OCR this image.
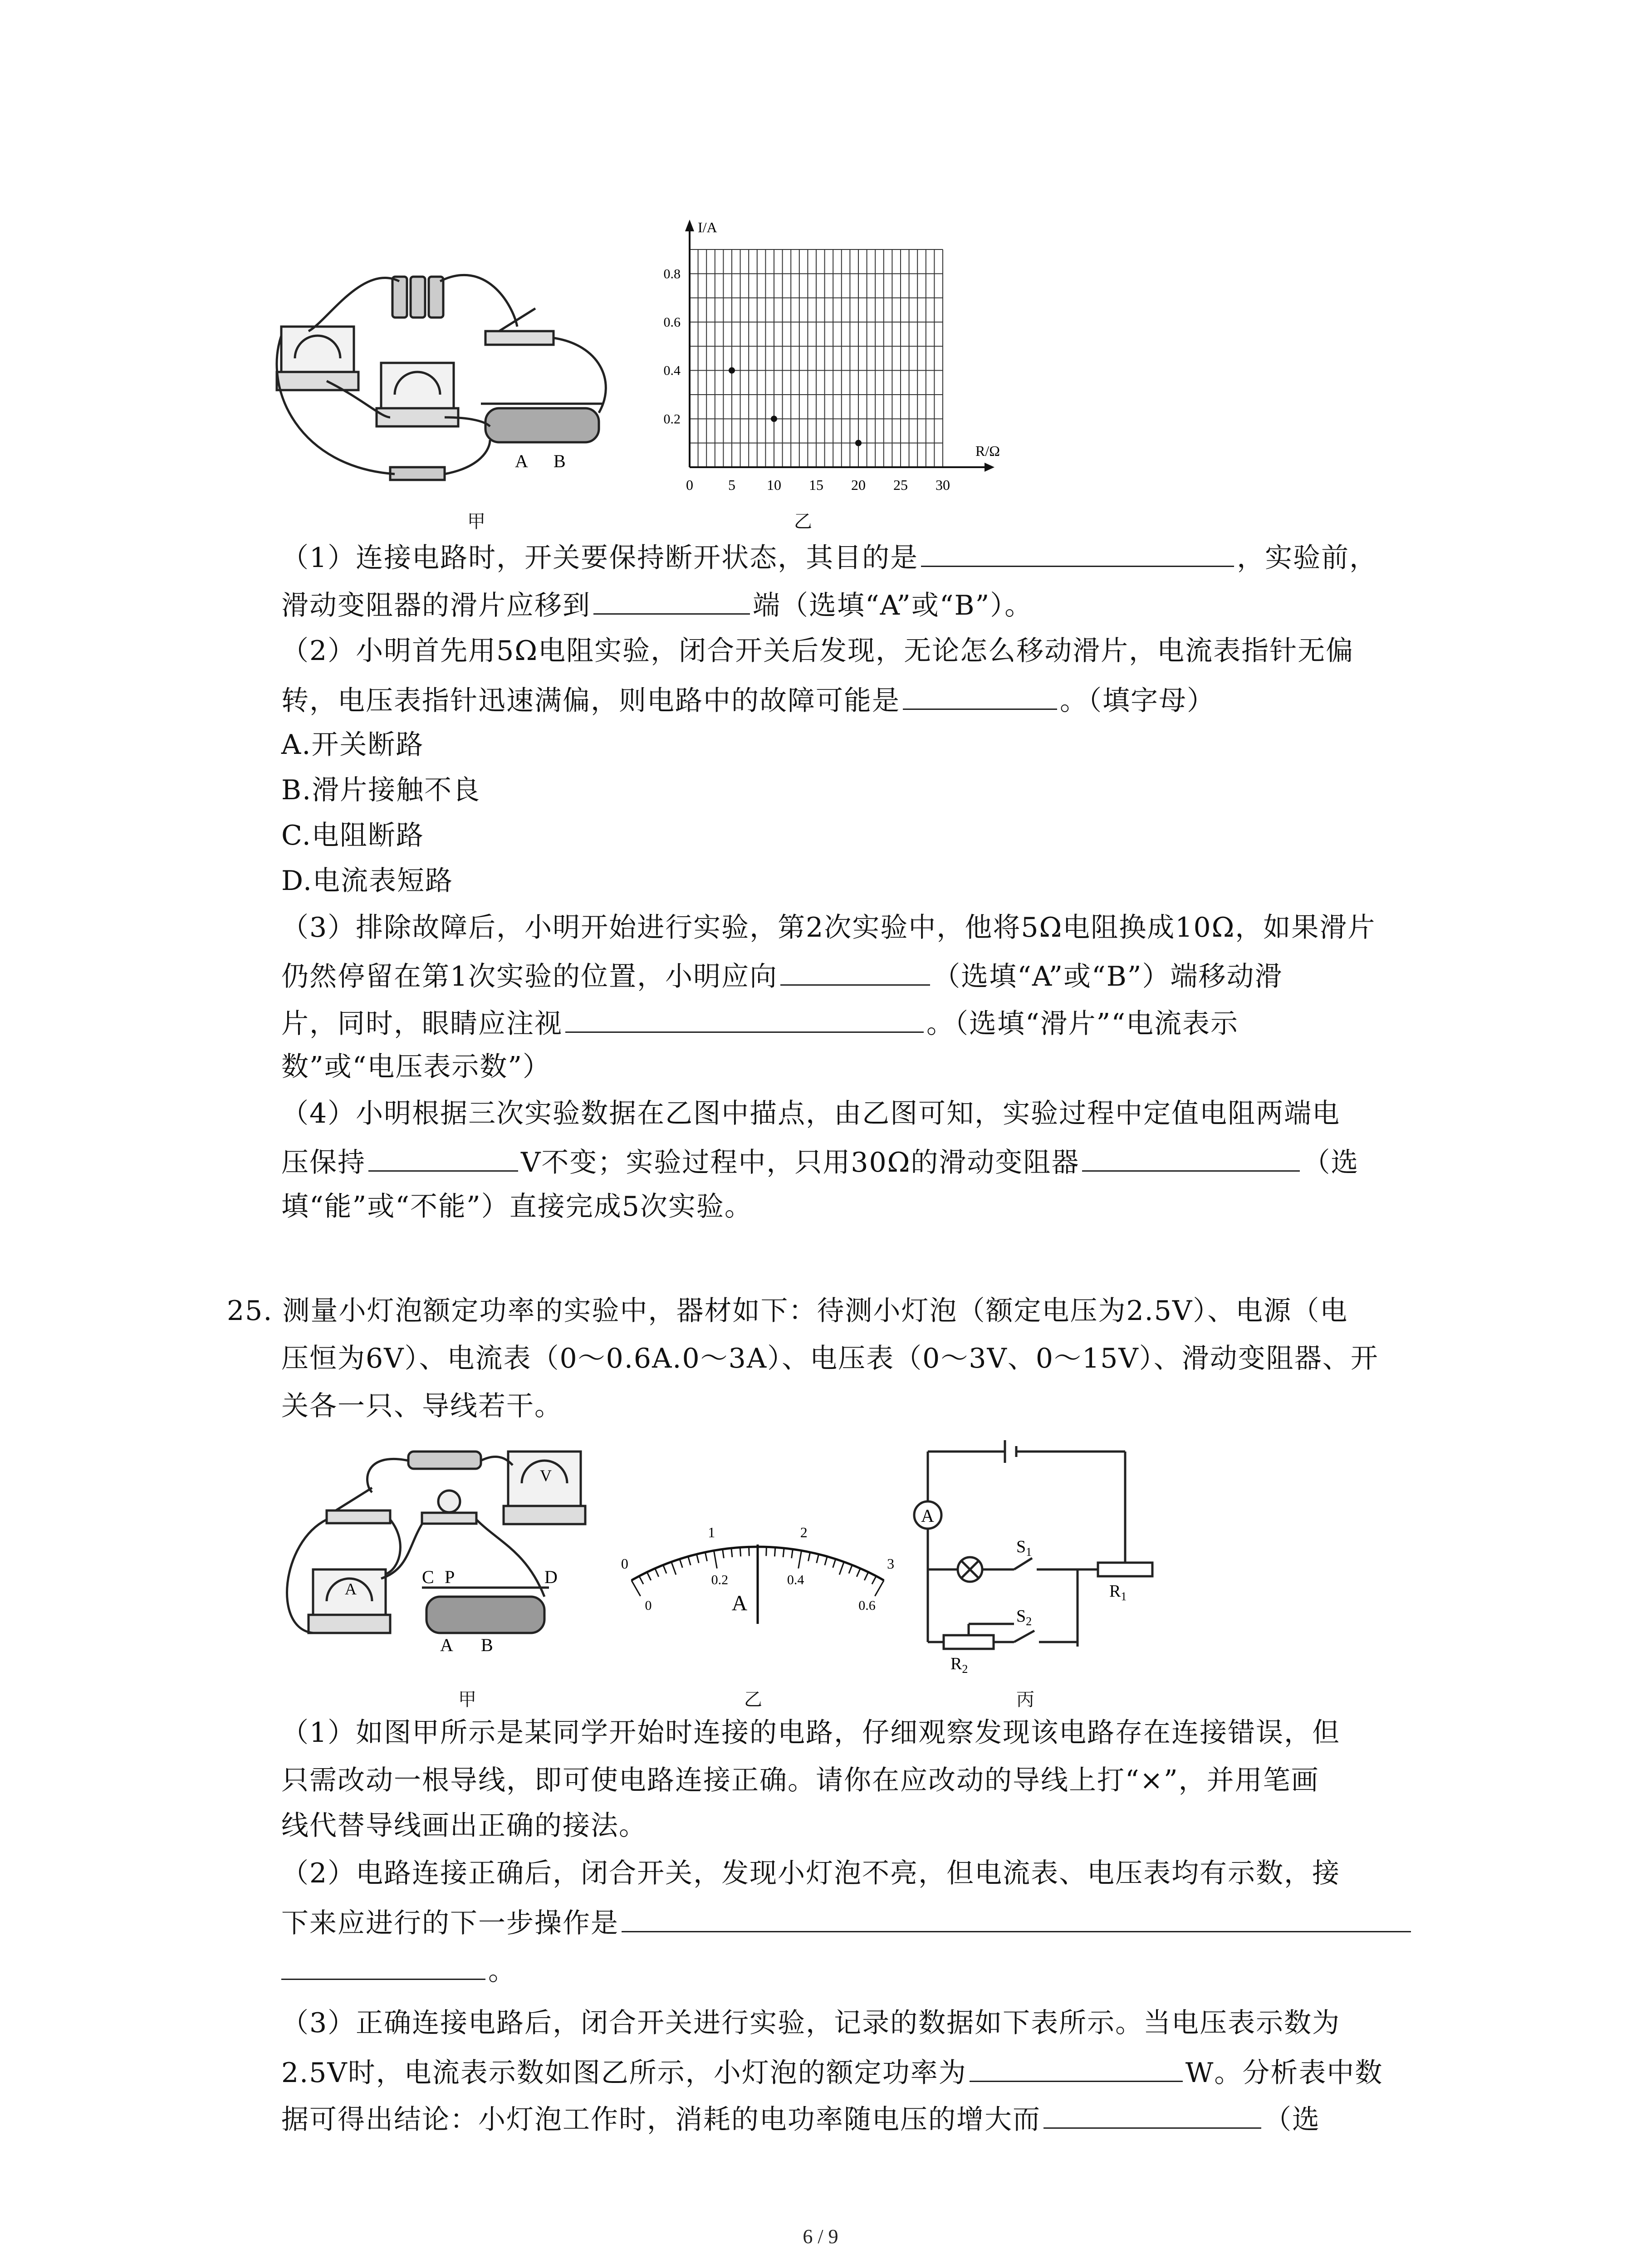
A B
甲
0 5 10 15 20 25 30
0.2
0.4
0.6
0.8
R/Ω
I/A
乙
（1）连接电路时，开关要保持断开状态，其目的是	，实验前，
滑动变阻器的滑片应移到	端（选填“A”或“B”）。
（2）小明首先用5Ω电阻实验，闭合开关后发现，无论怎么移动滑片，电流表指针无偏
转，电压表指针迅速满偏，则电路中的故障可能是	。（填字母）
A.开关断路
B.滑片接触不良
C.电阻断路
D.电流表短路
（3）排除故障后，小明开始进行实验，第2次实验中，他将5Ω电阻换成10Ω，如果滑片
仍然停留在第1次实验的位置，小明应向	（选填“A”或“B”）端移动滑
片，同时，眼睛应注视	。（选填“滑片”“电流表示
数”或“电压表示数”）
（4）小明根据三次实验数据在乙图中描点，由乙图可知，实验过程中定值电阻两端电
压保持	V不变；实验过程中，只用30Ω的滑动变阻器	（选
填“能”或“不能”）直接完成5次实验。
25. 测量小灯泡额定功率的实验中，器材如下：待测小灯泡（额定电压为2.5V）、电源（电
压恒为6V）、电流表（0～0.6A.0～3A）、电压表（0～3V、0～15V）、滑动变阻器、开
关各一只、导线若干。
C P	D
A B
V
A
甲
0
1	2
3
0
0.2	0.4
0.6
A
乙
A
$S_1$
$S_2$
$R_1$
$R_2$
丙
（1）如图甲所示是某同学开始时连接的电路，仔细观察发现该电路存在连接错误，但
只需改动一根导线，即可使电路连接正确。请你在应改动的导线上打“×”，并用笔画
线代替导线画出正确的接法。
（2）电路连接正确后，闭合开关，发现小灯泡不亮，但电流表、电压表均有示数，接
下来应进行的下一步操作是
。
（3）正确连接电路后，闭合开关进行实验，记录的数据如下表所示。当电压表示数为
2.5V时，电流表示数如图乙所示，小灯泡的额定功率为	W。分析表中数
据可得出结论：小灯泡工作时，消耗的电功率随电压的增大而	（选
6 / 9
